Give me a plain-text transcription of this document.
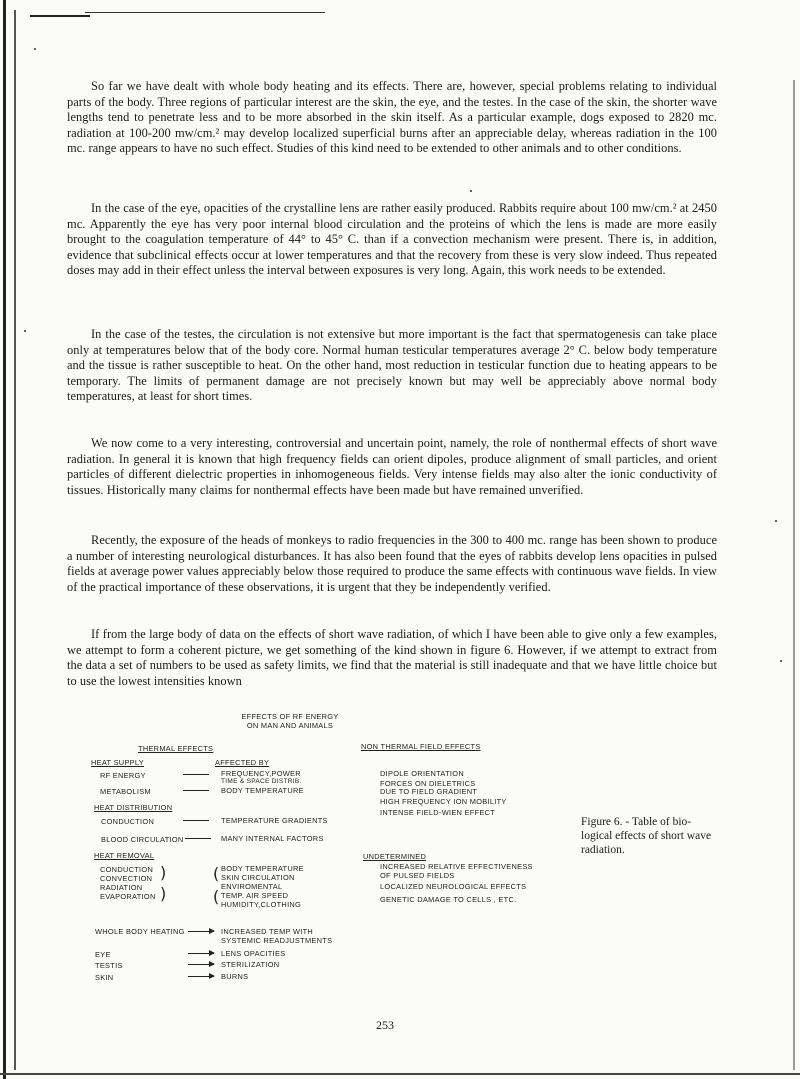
So far we have dealt with whole body heating and its effects. There are, however, special problems relating to individual parts of the body. Three regions of particular interest are the skin, the eye, and the testes. In the case of the skin, the shorter wave lengths tend to penetrate less and to be more absorbed in the skin itself. As a particular example, dogs exposed to 2820 mc. radiation at 100-200 mw/cm.² may develop localized superficial burns after an appreciable delay, whereas radiation in the 100 mc. range appears to have no such effect. Studies of this kind need to be extended to other animals and to other conditions.

In the case of the eye, opacities of the crystalline lens are rather easily produced. Rabbits require about 100 mw/cm.² at 2450 mc. Apparently the eye has very poor internal blood circulation and the proteins of which the lens is made are more easily brought to the coagulation temperature of 44° to 45° C. than if a convection mechanism were present. There is, in addition, evidence that subclinical effects occur at lower temperatures and that the recovery from these is very slow indeed. Thus repeated doses may add in their effect unless the interval between exposures is very long. Again, this work needs to be extended.

In the case of the testes, the circulation is not extensive but more important is the fact that spermatogenesis can take place only at temperatures below that of the body core. Normal human testicular temperatures average 2° C. below body temperature and the tissue is rather susceptible to heat. On the other hand, most reduction in testicular function due to heating appears to be temporary. The limits of permanent damage are not precisely known but may well be appreciably above normal body temperatures, at least for short times.

We now come to a very interesting, controversial and uncertain point, namely, the role of nonthermal effects of short wave radiation. In general it is known that high frequency fields can orient dipoles, produce alignment of small particles, and orient particles of different dielectric properties in inhomogeneous fields. Very intense fields may also alter the ionic conductivity of tissues. Historically many claims for nonthermal effects have been made but have remained unverified.

Recently, the exposure of the heads of monkeys to radio frequencies in the 300 to 400 mc. range has been shown to produce a number of interesting neurological disturbances. It has also been found that the eyes of rabbits develop lens opacities in pulsed fields at average power values appreciably below those required to produce the same effects with continuous wave fields. In view of the practical importance of these observations, it is urgent that they be independently verified.

If from the large body of data on the effects of short wave radiation, of which I have been able to give only a few examples, we attempt to form a coherent picture, we get something of the kind shown in figure 6. However, if we attempt to extract from the data a set of numbers to be used as safety limits, we find that the material is still inadequate and that we have little choice but to use the lowest intensities known

EFFECTS OF RF ENERGY
ON MAN AND ANIMALS
THERMAL EFFECTS	NON THERMAL FIELD EFFECTS
HEAT SUPPLY	AFFECTED BY
RF ENERGY	FREQUENCY,POWER
TIME & SPACE DISTRIB.
METABOLISM	BODY TEMPERATURE
HEAT DISTRIBUTION
CONDUCTION	TEMPERATURE GRADIENTS
BLOOD CIRCULATION	MANY INTERNAL FACTORS
HEAT REMOVAL
CONDUCTION
CONVECTION
RADIATION
EVAPORATION
)
)
(
(
BODY TEMPERATURE
SKIN CIRCULATION
ENVIROMENTAL
TEMP. AIR SPEED
HUMIDITY,CLOTHING
WHOLE BODY HEATING	INCREASED TEMP WITH
SYSTEMIC READJUSTMENTS
EYE	LENS OPACITIES
TESTIS	STERILIZATION
SKIN	BURNS
DIPOLE ORIENTATION
FORCES ON DIELETRICS
DUE TO FIELD GRADIENT
HIGH FREQUENCY ION MOBILITY
INTENSE FIELD-WIEN EFFECT
UNDETERMINED
INCREASED RELATIVE EFFECTIVENESS
OF PULSED FIELDS
LOCALIZED NEUROLOGICAL EFFECTS
GENETIC DAMAGE TO CELLS , ETC.
Figure 6. - Table of bio-
logical effects of short wave
radiation.
253
